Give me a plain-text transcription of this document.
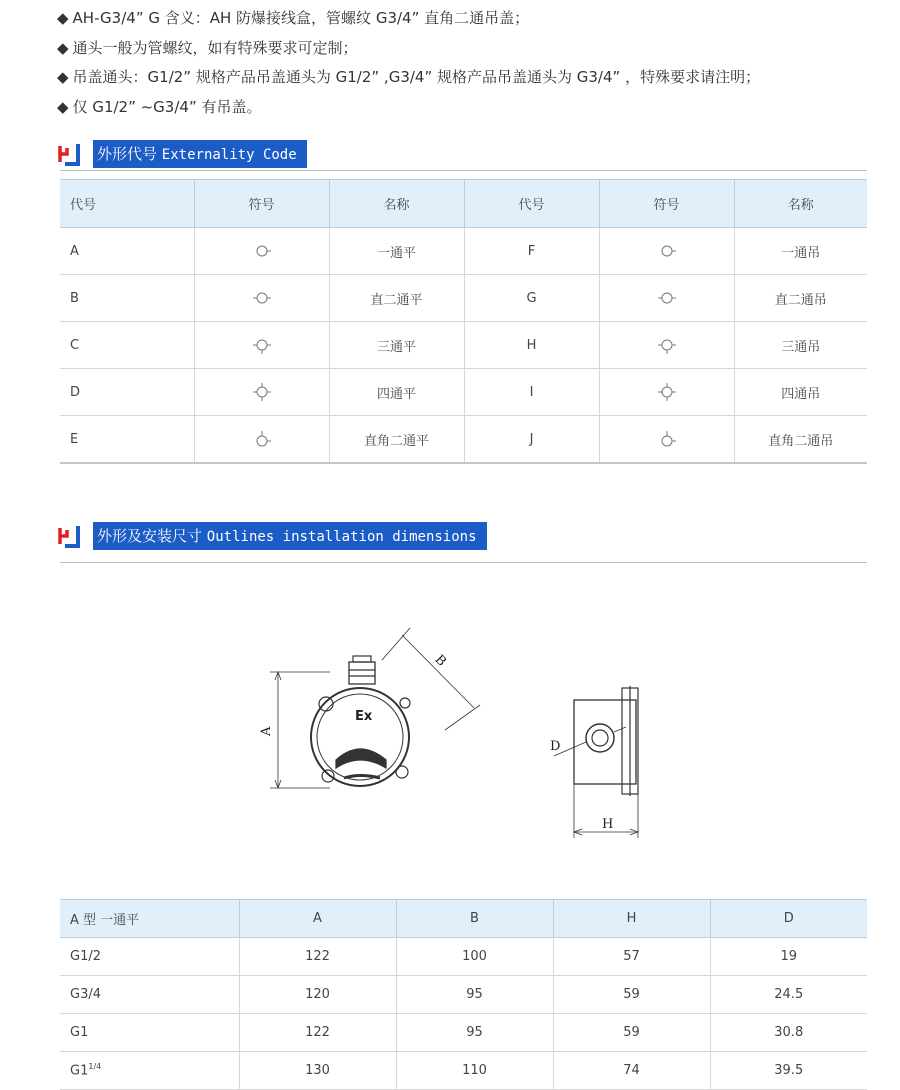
◆ AH-G3/4” G 含义：AH 防爆接线盒，管螺纹 G3/4” 直角二通吊盖；
◆ 通头一般为管螺纹，如有特殊要求可定制；
◆ 吊盖通头：G1/2” 规格产品吊盖通头为 G1/2” ,G3/4” 规格产品吊盖通头为 G3/4” ，特殊要求请注明；
◆ 仅 G1/2” ~G3/4” 有吊盖。
外形代号 Externality Code
代号	符号	名称	代号	符号	名称
A		一通平	F		一通吊
B		直二通平	G		直二通吊
C		三通平	H		三通吊
D		四通平	I		四通吊
E		直角二通平	J		直角二通吊
外形及安装尺寸 Outlines installation dimensions
Ex
A
B
D
H
A 型 一通平	A	B	H	D
G1/2	122	100	57	19
G3/4	120	95	59	24.5
G1	122	95	59	30.8
$G1^{1/4}$	130	110	74	39.5
